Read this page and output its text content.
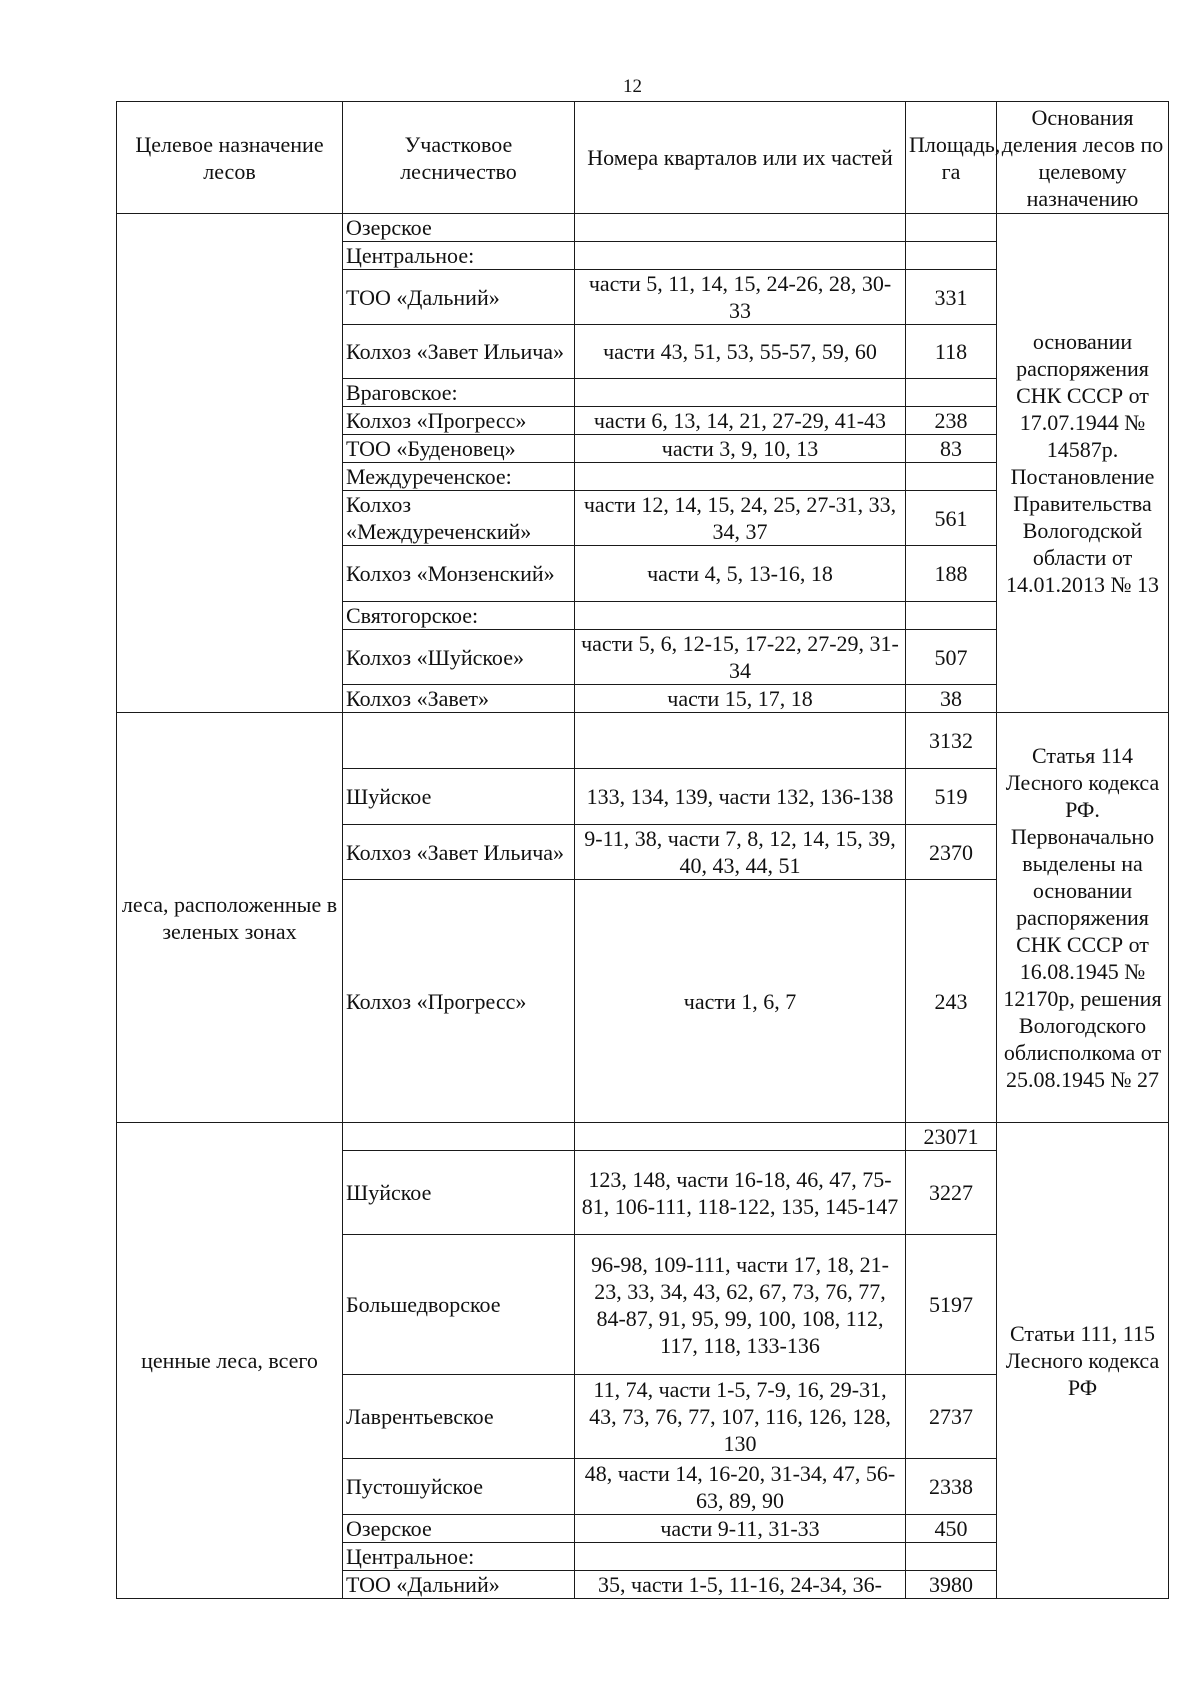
12
Целевое назначение лесов	Участковое лесничество	Номера кварталов или их частей	Площадь, га	Основания деления лесов по целевому назначению
	Озерское			основании распоряжения СНК СССР от 17.07.1944 № 14587р. Постановление Правительства Вологодской области от 14.01.2013 № 13
	Центральное:			
	ТОО «Дальний»	части 5, 11, 14, 15, 24-26, 28, 30-33	331	
	Колхоз «Завет Ильича»	части 43, 51, 53, 55-57, 59, 60	118	
	Враговское:			
	Колхоз «Прогресс»	части 6, 13, 14, 21, 27-29, 41-43	238	
	ТОО «Буденовец»	части 3, 9, 10, 13	83	
	Междуреченское:			
	Колхоз «Междуреченский»	части 12, 14, 15, 24, 25, 27-31, 33, 34, 37	561	
	Колхоз «Монзенский»	части 4, 5, 13-16, 18	188	
	Святогорское:			
	Колхоз «Шуйское»	части 5, 6, 12-15, 17-22, 27-29, 31-34	507	
	Колхоз «Завет»	части 15, 17, 18	38	
леса, расположенные в зеленых зонах			3132	Статья 114 Лесного кодекса РФ. Первоначально выделены на основании распоряжения СНК СССР от 16.08.1945 № 12170р, решения Вологодского облисполкома от 25.08.1945 № 27
	Шуйское	133, 134, 139, части 132, 136-138	519	
	Колхоз «Завет Ильича»	9-11, 38, части 7, 8, 12, 14, 15, 39, 40, 43, 44, 51	2370	
	Колхоз «Прогресс»	части 1, 6, 7	243	
ценные леса, всего			23071	Статьи 111, 115 Лесного кодекса РФ
	Шуйское	123, 148, части 16-18, 46, 47, 75-81, 106-111, 118-122, 135, 145-147	3227	
	Большедворское	96-98, 109-111, части 17, 18, 21-23, 33, 34, 43, 62, 67, 73, 76, 77, 84-87, 91, 95, 99, 100, 108, 112, 117, 118, 133-136	5197	
	Лаврентьевское	11, 74, части 1-5, 7-9, 16, 29-31, 43, 73, 76, 77, 107, 116, 126, 128, 130	2737	
	Пустошуйское	48, части 14, 16-20, 31-34, 47, 56-63, 89, 90	2338	
	Озерское	части 9-11, 31-33	450	
	Центральное:			
	ТОО «Дальний»	35, части 1-5, 11-16, 24-34, 36-	3980	
